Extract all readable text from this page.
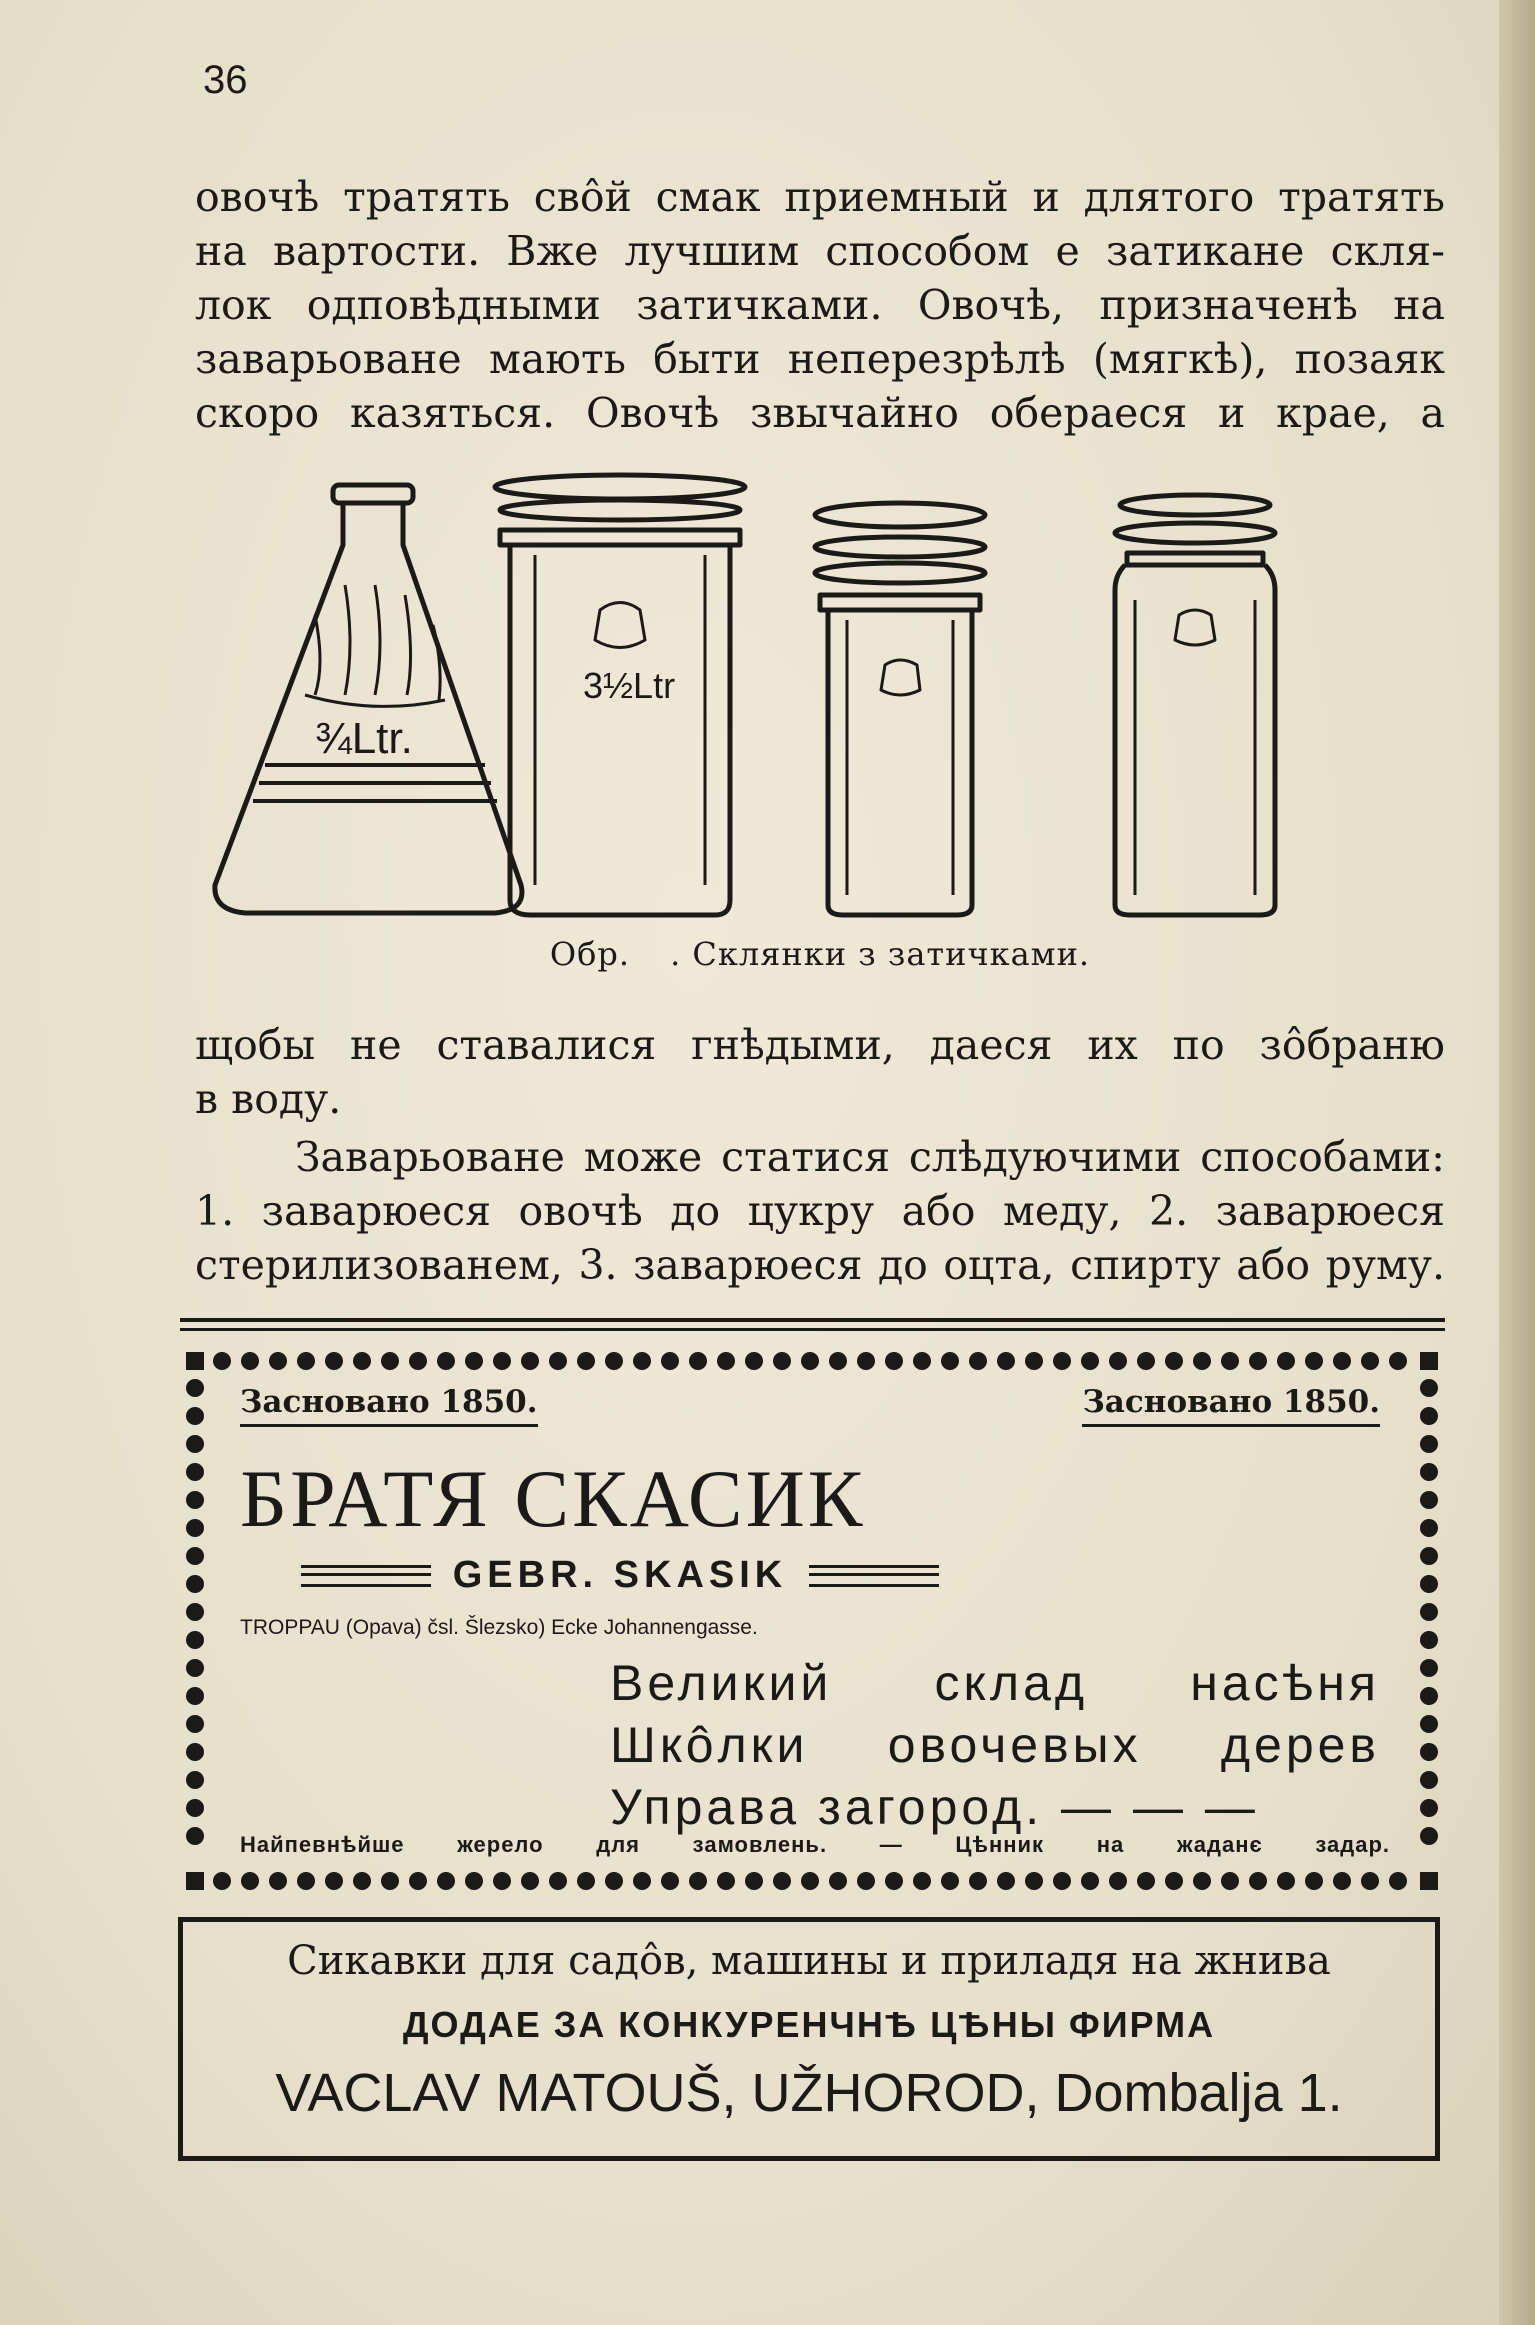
36
овочѣ тратять свôй смак приемный и длятого тратять
на вартости. Вже лучшим способом е затикане скля-
лок одповѣдными затичками. Овочѣ, призначенѣ на
заварьоване мають быти неперезрѣлѣ (мягкѣ), позаяк
скоро казяться. Овочѣ звычайно обераеся и крае, а
¾Ltr.
3½Ltr
Обр. . Склянки з затичками.
щобы не ставалися гнѣдыми, даеся их по зôбраню
в воду.
Заварьоване може статися слѣдуючими способами:
1. заварюеся овочѣ до цукру або меду, 2. заварюеся
стерилизованем, 3. заварюеся до оцта, спирту або руму.
Засновано 1850.	Засновано 1850.
БРАТЯ СКАСИК
GEBR. SKASIK
TROPPAU (Opava) čsl. Šlezsko) Ecke Johannengasse.
Великий склад насѣня
Шкôлки овочевых дерев
Управа загород. — — —
Найпевнѣйше жерело для замовлень. — Цѣнник на жаданє задар.
Сикавки для садôв, машины и приладя на жнива
ДОДАЕ ЗА КОНКУРЕНЧНѢ ЦѢНЫ ФИРМА
VACLAV MATOUŠ, UŽHOROD, Dombalja 1.
